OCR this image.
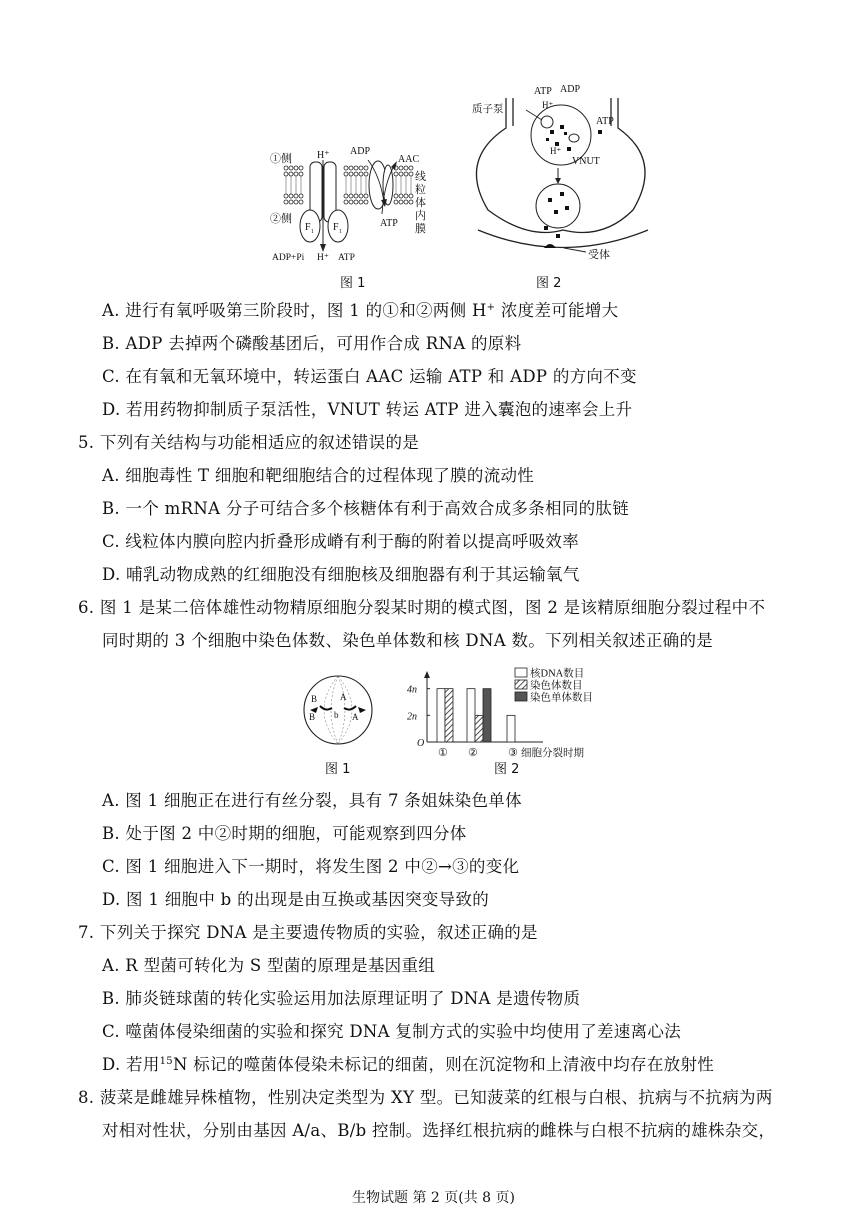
F 1 F 1
①侧
②侧
H⁺ ADP
AAC
ATP
ADP+Pi H⁺ ATP
线
粒
体
内
膜
图 1
ATP ADP
H⁺
质子泵
ATP
H⁺
VNUT
受体
图 2
A. 进行有氧呼吸第三阶段时，图 1 的①和②两侧 H+ 浓度差可能增大
B. ADP 去掉两个磷酸基团后，可用作合成 RNA 的原料
C. 在有氧和无氧环境中，转运蛋白 AAC 运输 ATP 和 ADP 的方向不变
D. 若用药物抑制质子泵活性，VNUT 转运 ATP 进入囊泡的速率会上升
5. 下列有关结构与功能相适应的叙述错误的是
A. 细胞毒性 T 细胞和靶细胞结合的过程体现了膜的流动性
B. 一个 mRNA 分子可结合多个核糖体有利于高效合成多条相同的肽链
C. 线粒体内膜向腔内折叠形成嵴有利于酶的附着以提高呼吸效率
D. 哺乳动物成熟的红细胞没有细胞核及细胞器有利于其运输氧气
6. 图 1 是某二倍体雄性动物精原细胞分裂某时期的模式图，图 2 是该精原细胞分裂过程中不
同时期的 3 个细胞中染色体数、染色单体数和核 DNA 数。下列相关叙述正确的是
B
B
A
b A
图 1
O
4n
2n
① ②	③ 细胞分裂时期
核DNA数目
染色体数目
染色单体数目
图 2
A. 图 1 细胞正在进行有丝分裂，具有 7 条姐妹染色单体
B. 处于图 2 中②时期的细胞，可能观察到四分体
C. 图 1 细胞进入下一期时，将发生图 2 中②→③的变化
D. 图 1 细胞中 b 的出现是由互换或基因突变导致的
7. 下列关于探究 DNA 是主要遗传物质的实验，叙述正确的是
A. R 型菌可转化为 S 型菌的原理是基因重组
B. 肺炎链球菌的转化实验运用加法原理证明了 DNA 是遗传物质
C. 噬菌体侵染细菌的实验和探究 DNA 复制方式的实验中均使用了差速离心法
D. 若用$^{15}$N 标记的噬菌体侵染未标记的细菌，则在沉淀物和上清液中均存在放射性
8. 菠菜是雌雄异株植物，性别决定类型为 XY 型。已知菠菜的红根与白根、抗病与不抗病为两
对相对性状，分别由基因 A/a、B/b 控制。选择红根抗病的雌株与白根不抗病的雄株杂交，
生物试题 第 2 页(共 8 页)
